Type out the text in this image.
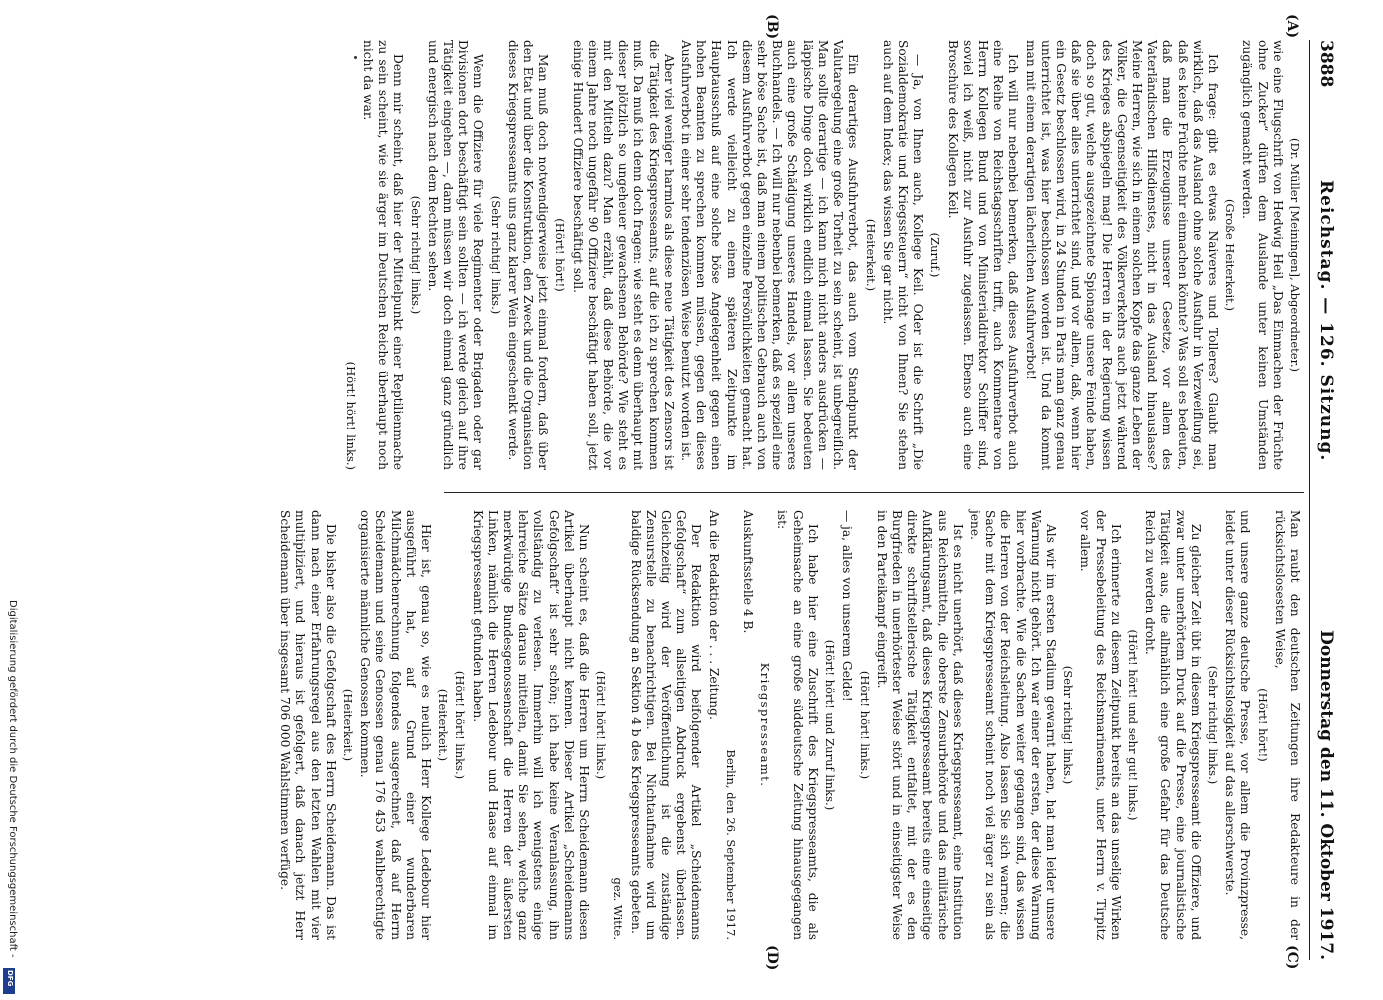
3888
Reichstag. — 126. Sitzung.
Donnerstag den 11. Oktober 1917.
(A)
(B)
(C)
(D)

(Dr. Müller [Meiningen], Abgeordneter.)

wie eine Flugschrift von Hedwig Heil „Das Einmachen der Früchte ohne Zucker“ dürfen dem Auslande unter keinen Umständen zugänglich gemacht werden.

(Große Heiterkeit.)

Ich frage: gibt es etwas Naiveres und Tolleres? Glaubt man wirklich, daß das Ausland ohne solche Ausfuhr in Verzweiflung sei, daß es keine Früchte mehr einmachen könnte? Was soll es bedeuten, daß man die Erzeugnisse unserer Gesetze, vor allem des Vaterländischen Hilfsdienstes, nicht in das Ausland hinauslasse? Meine Herren, wie sich in einem solchen Kopfe das ganze Leben der Völker, die Gegenseitigkeit des Völkerverkehrs auch jetzt während des Krieges abspiegeln mag! Die Herren in der Regierung wissen doch so gut, welche ausgezeichnete Spionage unsere Feinde haben, daß sie über alles unterrichtet sind, und vor allem, daß, wenn hier ein Gesetz beschlossen wird, in 24 Stunden in Paris man ganz genau unterrichtet ist, was hier beschlossen worden ist. Und da kommt man mit einem derartigen lächerlichen Ausfuhrverbot!

Ich will nur nebenbei bemerken, daß dieses Ausfuhrverbot auch eine Reihe von Reichstagsschriften trifft, auch Kommentare von Herrn Kollegen Bund und von Ministerialdirektor Schiffer sind, soviel ich weiß, nicht zur Ausfuhr zugelassen. Ebenso auch eine Broschüre des Kollegen Keil.

(Zuruf.)

— Ja, von Ihnen auch, Kollege Keil. Oder ist die Schrift „Die Sozialdemokratie und Kriegssteuern“ nicht von Ihnen? Sie stehen auch auf dem Index; das wissen Sie gar nicht.

(Heiterkeit.)

Ein derartiges Ausfuhrverbot, das auch vom Standpunkt der Valutaregelung eine große Torheit zu sein scheint, ist unbegreiflich. Man sollte derartige — ich kann mich nicht anders ausdrücken — läppische Dinge doch wirklich endlich einmal lassen. Sie bedeuten auch eine große Schädigung unseres Handels, vor allem unseres Buchhandels. — Ich will nur nebenbei bemerken, daß es speziell eine sehr böse Sache ist, daß man einem politischen Gebrauch auch von diesem Ausfuhrverbot gegen einzelne Persönlichkeiten gemacht hat. Ich werde vielleicht zu einem späteren Zeitpunkte im Hauptausschuß auf eine solche böse Angelegenheit gegen einen hohen Beamten zu sprechen kommen müssen, gegen den dieses Ausfuhrverbot in einer sehr tendenziösen Weise benutzt worden ist.

Aber viel weniger harmlos als diese neue Tätigkeit des Zensors ist die Tätigkeit des Kriegspresseamts, auf die ich zu sprechen kommen muß. Da muß ich denn doch fragen: wie steht es denn überhaupt mit dieser plötzlich so ungeheuer gewachsenen Behörde? Wie steht es mit den Mitteln dazu? Man erzählt, daß diese Behörde, die vor einem Jahre noch ungefähr 90 Offiziere beschäftigt haben soll, jetzt einige Hundert Offiziere beschäftigt soll.

(Hört! hört!)

Man muß doch notwendigerweise jetzt einmal fordern, daß über den Etat und über die Konstruktion, den Zweck und die Organisation dieses Kriegspresseamts uns ganz klarer Wein eingeschenkt werde.

(Sehr richtig! links.)

Wenn die Offiziere für viele Regimenter oder Brigaden oder gar Divisionen dort beschäftigt sein sollten — ich werde gleich auf ihre Tätigkeit eingehen —, dann müssen wir doch einmal ganz gründlich und energisch nach dem Rechten sehen.

(Sehr richtig! links.)

Denn mir scheint, daß hier der Mittelpunkt einer Reptilienmache zu sein scheint, wie sie ärger im Deutschen Reiche überhaupt noch nicht da war.

(Hört! hört! links.)

Man raubt den deutschen Zeitungen ihre Redakteure in der rücksichtslosesten Weise,

(Hört! hört!)

und unsere ganze deutsche Presse, vor allem die Provinzpresse, leidet unter dieser Rücksichtslosigkeit auf das allerschwerste.

(Sehr richtig! links.)

Zu gleicher Zeit übt in diesem Kriegspresseamt die Offiziere, und zwar unter unerhörtem Druck auf die Presse, eine journalistische Tätigkeit aus, die allmählich eine große Gefahr für das Deutsche Reich zu werden droht.

(Hört! hört! und sehr gut! links.)

Ich erinnerte zu diesem Zeitpunkt bereits an das unselige Wirken der Pressebeleitung des Reichsmarineamts, unter Herrn v. Tirpitz vor allem.

(Sehr richtig! links.)

Als wir im ersten Stadium gewarnt haben, hat man leider unsere Warnung nicht gehört. Ich war einer der ersten, der diese Warnung hier vorbrachte. Wie die Sachen weiter gegangen sind, das wissen die Herren von der Reichsleitung. Also lassen Sie sich warnen; die Sache mit dem Kriegspresseamt scheint noch viel ärger zu sein als jene.

Ist es nicht unerhört, daß dieses Kriegspresseamt, eine Institution aus Reichsmitteln, die oberste Zensurbehörde und das militärische Aufklärungsamt, daß dieses Kriegspresseamt bereits eine einseitige direkte schriftstellerische Tätigkeit entfaltet, mit der es den Burgfrieden in unerhörtester Weise stört und in einseitigster Weise in den Parteikampf eingreift.

(Hört! hört! links.)

— ja, alles von unserem Gelde!

(Hört! hört! und Zuruf links.)

Ich habe hier eine Zuschrift des Kriegspresseamts, die als Geheimsache an eine große süddeutsche Zeitung hinausgegangen ist:

Kriegspresseamt.

Auskunftsstelle 4 B.

Berlin, den 26. September 1917.

An die Redaktion der . . . Zeitung.

Der Redaktion wird beifolgender Artikel „Scheidemanns Gefolgschaft“ zum allseitigen Abdruck ergebenst überlassen. Gleichzeitig wird der Veröffentlichung ist die zuständige Zensurstelle zu benachrichtigen. Bei Nichtaufnahme wird um baldige Rücksendung an Sektion 4 b des Kriegspresseamts gebeten.

gez. Witte.

(Hört! hört! links.)

Nun scheint es, daß die Herren um Herrn Scheidemann diesen Artikel überhaupt nicht kennen. Dieser Artikel „Scheidemanns Gefolgschaft“ ist sehr schön; ich habe keine Veranlassung, ihn vollständig zu verlesen. Immerhin will ich wenigstens einige lehrreiche Sätze daraus mitteilen, damit Sie sehen, welche ganz merkwürdige Bundesgenossenschaft die Herren der äußersten Linken, nämlich die Herren Ledebour und Haase auf einmal im Kriegspresseamt gefunden haben.

(Hört! hört! links.)

(Heiterkeit.)

Hier ist, genau so, wie es neulich Herr Kollege Ledebour hier ausgeführt hat, auf Grund einer wunderbaren Milchmädchenrechnung folgendes ausgerechnet, daß auf Herrn Scheidemann und seine Genossen genau 176 453 wahlberechtigte organisierte männliche Genossen kommen.

(Heiterkeit.)

Die bisher also die Gefolgschaft des Herrn Scheidemann. Das ist dann nach einer Erfahrungsregel aus den letzten Wahlen mit vier multipliziert, und hieraus ist gefolgert, daß danach jetzt Herr Scheidemann über insgesamt 706 000 Wahlstimmen verfüge.

Digitalisierung gefördert durch die Deutsche Forschungsgemeinschaft -
DFG
